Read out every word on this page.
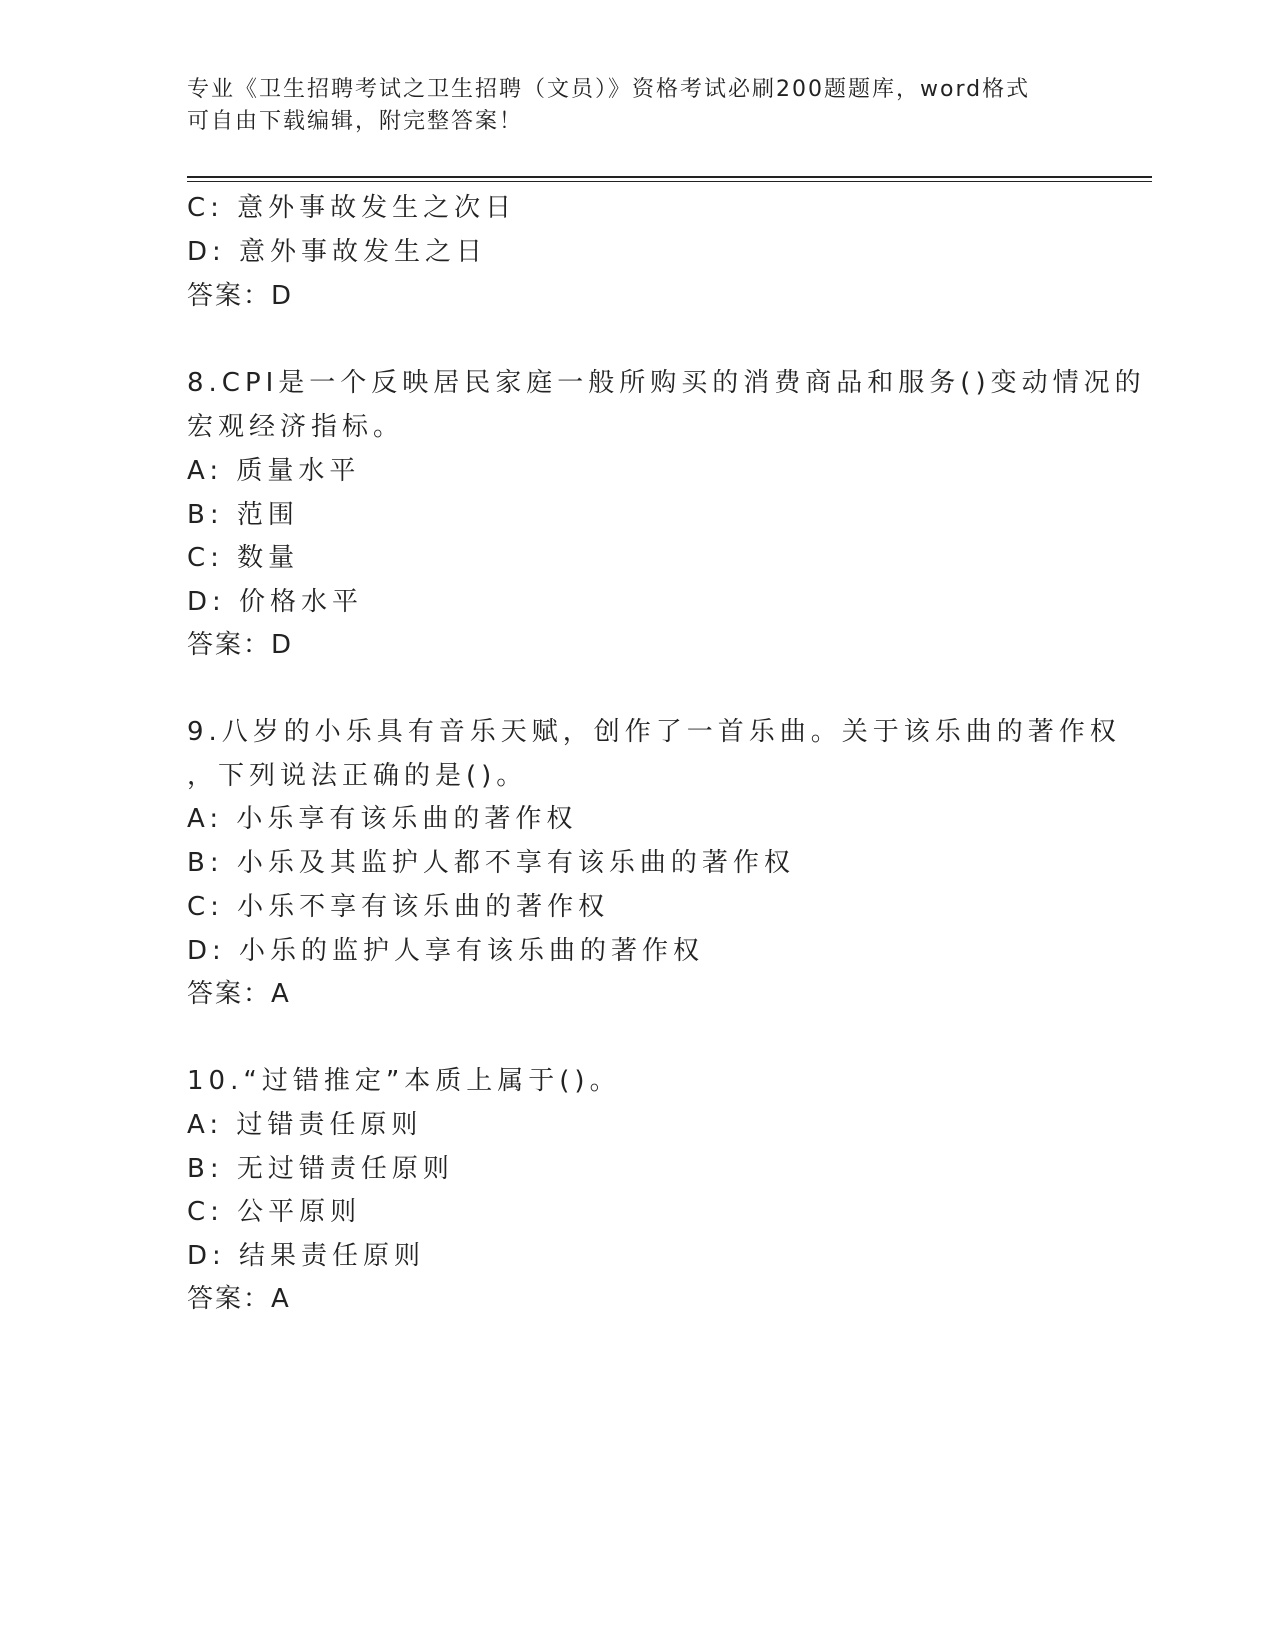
专业《卫生招聘考试之卫生招聘（文员）》资格考试必刷200题题库，word格式
可自由下载编辑，附完整答案！
C: 意外事故发生之次日
D: 意外事故发生之日
答案：D
8.CPI是一个反映居民家庭一般所购买的消费商品和服务()变动情况的
宏观经济指标。
A: 质量水平
B: 范围
C: 数量
D: 价格水平
答案：D
9.八岁的小乐具有音乐天赋，创作了一首乐曲。关于该乐曲的著作权
，下列说法正确的是()。
A: 小乐享有该乐曲的著作权
B: 小乐及其监护人都不享有该乐曲的著作权
C: 小乐不享有该乐曲的著作权
D: 小乐的监护人享有该乐曲的著作权
答案：A
10.“过错推定”本质上属于()。
A: 过错责任原则
B: 无过错责任原则
C: 公平原则
D: 结果责任原则
答案：A
